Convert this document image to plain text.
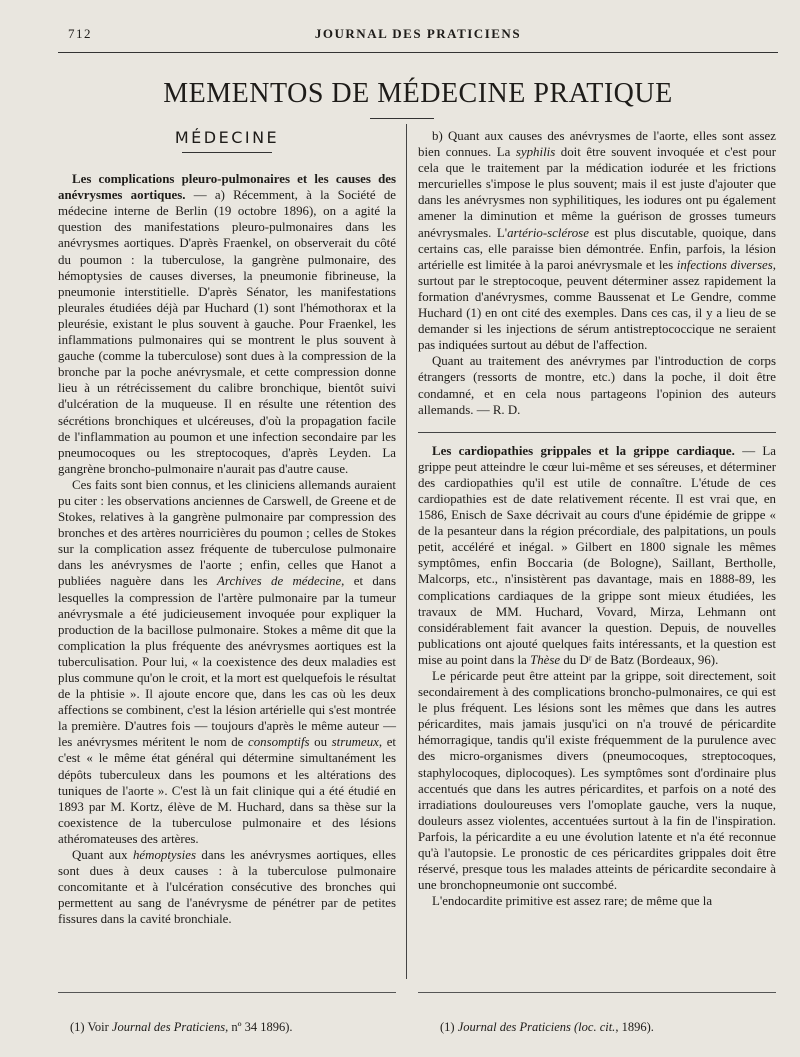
712	JOURNAL DES PRATICIENS
MEMENTOS DE MÉDECINE PRATIQUE
MÉDECINE

Les complications pleuro-pulmonaires et les causes des anévrysmes aortiques. — a) Récemment, à la Société de médecine interne de Berlin (19 octobre 1896), on a agité la question des manifestations pleuro-pulmonaires dans les anévrysmes aortiques. D'après Fraenkel, on observerait du côté du poumon : la tuberculose, la gangrène pulmonaire, des hémoptysies de causes diverses, la pneumonie fibrineuse, la pneumonie interstitielle. D'après Sénator, les manifestations pleurales étudiées déjà par Huchard (1) sont l'hémothorax et la pleurésie, existant le plus souvent à gauche. Pour Fraenkel, les inflammations pulmonaires qui se montrent le plus souvent à gauche (comme la tuberculose) sont dues à la compression de la bronche par la poche anévrysmale, et cette compression donne lieu à un rétrécissement du calibre bronchique, bientôt suivi d'ulcération de la muqueuse. Il en résulte une rétention des sécrétions bronchiques et ulcéreuses, d'où la propagation facile de l'inflammation au poumon et une infection secondaire par les pneumocoques ou les streptocoques, d'après Leyden. La gangrène broncho-pulmonaire n'aurait pas d'autre cause.

Ces faits sont bien connus, et les cliniciens allemands auraient pu citer : les observations anciennes de Carswell, de Greene et de Stokes, relatives à la gangrène pulmonaire par compression des bronches et des artères nourricières du poumon ; celles de Stokes sur la complication assez fréquente de tuberculose pulmonaire dans les anévrysmes de l'aorte ; enfin, celles que Hanot a publiées naguère dans les Archives de médecine, et dans lesquelles la compression de l'artère pulmonaire par la tumeur anévrysmale a été judicieusement invoquée pour expliquer la production de la bacillose pulmonaire. Stokes a même dit que la complication la plus fréquente des anévrysmes aortiques est la tuberculisation. Pour lui, « la coexistence des deux maladies est plus commune qu'on le croit, et la mort est quelquefois le résultat de la phtisie ». Il ajoute encore que, dans les cas où les deux affections se combinent, c'est la lésion artérielle qui s'est montrée la première. D'autres fois — toujours d'après le même auteur — les anévrysmes méritent le nom de consomptifs ou strumeux, et c'est « le même état général qui détermine simultanément les dépôts tuberculeux dans les poumons et les altérations des tuniques de l'aorte ». C'est là un fait clinique qui a été étudié en 1893 par M. Kortz, élève de M. Huchard, dans sa thèse sur la coexistence de la tuberculose pulmonaire et des lésions athéromateuses des artères.

Quant aux hémoptysies dans les anévrysmes aortiques, elles sont dues à deux causes : à la tuberculose pulmonaire concomitante et à l'ulcération consécutive des bronches qui permettent au sang de l'anévrysme de pénétrer par de petites fissures dans la cavité bronchiale.

b) Quant aux causes des anévrysmes de l'aorte, elles sont assez bien connues. La syphilis doit être souvent invoquée et c'est pour cela que le traitement par la médication iodurée et les frictions mercurielles s'impose le plus souvent; mais il est juste d'ajouter que dans les anévrysmes non syphilitiques, les iodures ont pu également amener la diminution et même la guérison de grosses tumeurs anévrysmales. L'artério-sclérose est plus discutable, quoique, dans certains cas, elle paraisse bien démontrée. Enfin, parfois, la lésion artérielle est limitée à la paroi anévrysmale et les infections diverses, surtout par le streptocoque, peuvent déterminer assez rapidement la formation d'anévrysmes, comme Baussenat et Le Gendre, comme Huchard (1) en ont cité des exemples. Dans ces cas, il y a lieu de se demander si les injections de sérum antistreptococcique ne seraient pas indiquées surtout au début de l'affection.

Quant au traitement des anévrymes par l'introduction de corps étrangers (ressorts de montre, etc.) dans la poche, il doit être condamné, et en cela nous partageons l'opinion des auteurs allemands. — R. D.

Les cardiopathies grippales et la grippe cardiaque. — La grippe peut atteindre le cœur lui-même et ses séreuses, et déterminer des cardiopathies qu'il est utile de connaître. L'étude de ces cardiopathies est de date relativement récente. Il est vrai que, en 1586, Enisch de Saxe décrivait au cours d'une épidémie de grippe « de la pesanteur dans la région précordiale, des palpitations, un pouls petit, accéléré et inégal. » Gilbert en 1800 signale les mêmes symptômes, enfin Boccaria (de Bologne), Saillant, Bertholle, Malcorps, etc., n'insistèrent pas davantage, mais en 1888-89, les complications cardiaques de la grippe sont mieux étudiées, les travaux de MM. Huchard, Vovard, Mirza, Lehmann ont considérablement fait avancer la question. Depuis, de nouvelles publications ont ajouté quelques faits intéressants, et la question est mise au point dans la Thèse du Dʳ de Batz (Bordeaux, 96).

Le péricarde peut être atteint par la grippe, soit directement, soit secondairement à des complications broncho-pulmonaires, ce qui est le plus fréquent. Les lésions sont les mêmes que dans les autres péricardites, mais jamais jusqu'ici on n'a trouvé de péricardite hémorragique, tandis qu'il existe fréquemment de la purulence avec des micro-organismes divers (pneumocoques, streptocoques, staphylocoques, diplocoques). Les symptômes sont d'ordinaire plus accentués que dans les autres péricardites, et parfois on a noté des irradiations douloureuses vers l'omoplate gauche, vers la nuque, douleurs assez violentes, accentuées surtout à la fin de l'inspiration. Parfois, la péricardite a eu une évolution latente et n'a été reconnue qu'à l'autopsie. Le pronostic de ces péricardites grippales doit être réservé, presque tous les malades atteints de péricardite secondaire à une bronchopneumonie ont succombé.

L'endocardite primitive est assez rare; de même que la

(1) Voir Journal des Praticiens, nº 34 1896).	(1) Journal des Praticiens (loc. cit., 1896).
